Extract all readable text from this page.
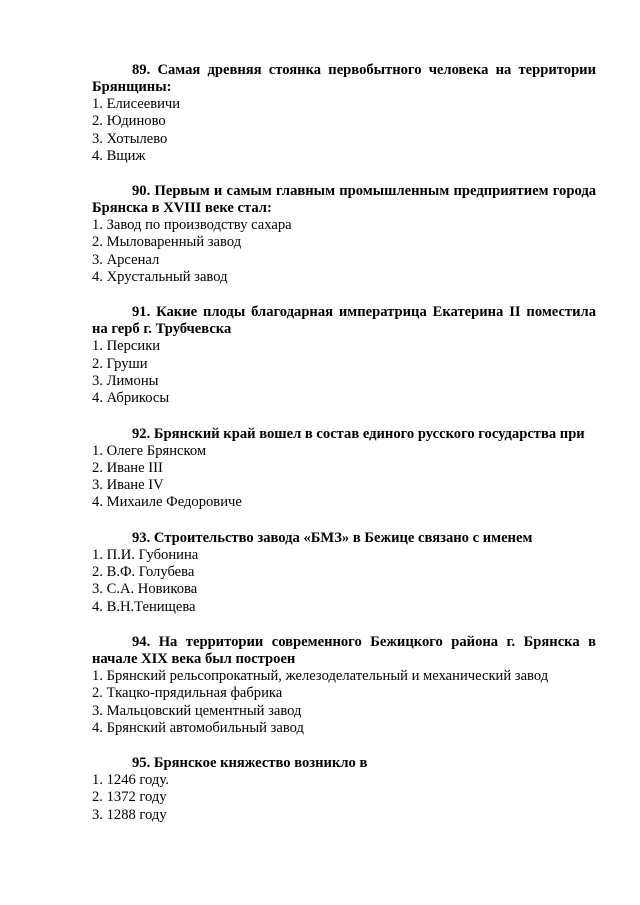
89. Самая древняя стоянка первобытного человека на территории Брянщины:

1. Елисеевичи
2. Юдиново
3. Хотылево
4. Вщиж

90. Первым и самым главным промышленным предприятием города Брянска в XVIII веке стал:

1. Завод по производству сахара
2. Мыловаренный завод
3. Арсенал
4. Хрустальный завод

91. Какие плоды благодарная императрица Екатерина II поместила на герб г. Трубчевска

1. Персики
2. Груши
3. Лимоны
4. Абрикосы

92. Брянский край вошел в состав единого русского государства при

1. Олеге Брянском
2. Иване III
3. Иване IV
4. Михаиле Федоровиче

93. Строительство завода «БМЗ» в Бежице связано с именем

1. П.И. Губонина
2. В.Ф. Голубева
3. С.А. Новикова
4. В.Н.Тенищева

94. На территории современного Бежицкого района г. Брянска в начале XIX века был построен

1. Брянский рельсопрокатный, железоделательный и механический завод
2. Ткацко-прядильная фабрика
3. Мальцовский цементный завод
4. Брянский автомобильный завод

95. Брянское княжество возникло в

1. 1246 году.
2. 1372 году
3. 1288 году
